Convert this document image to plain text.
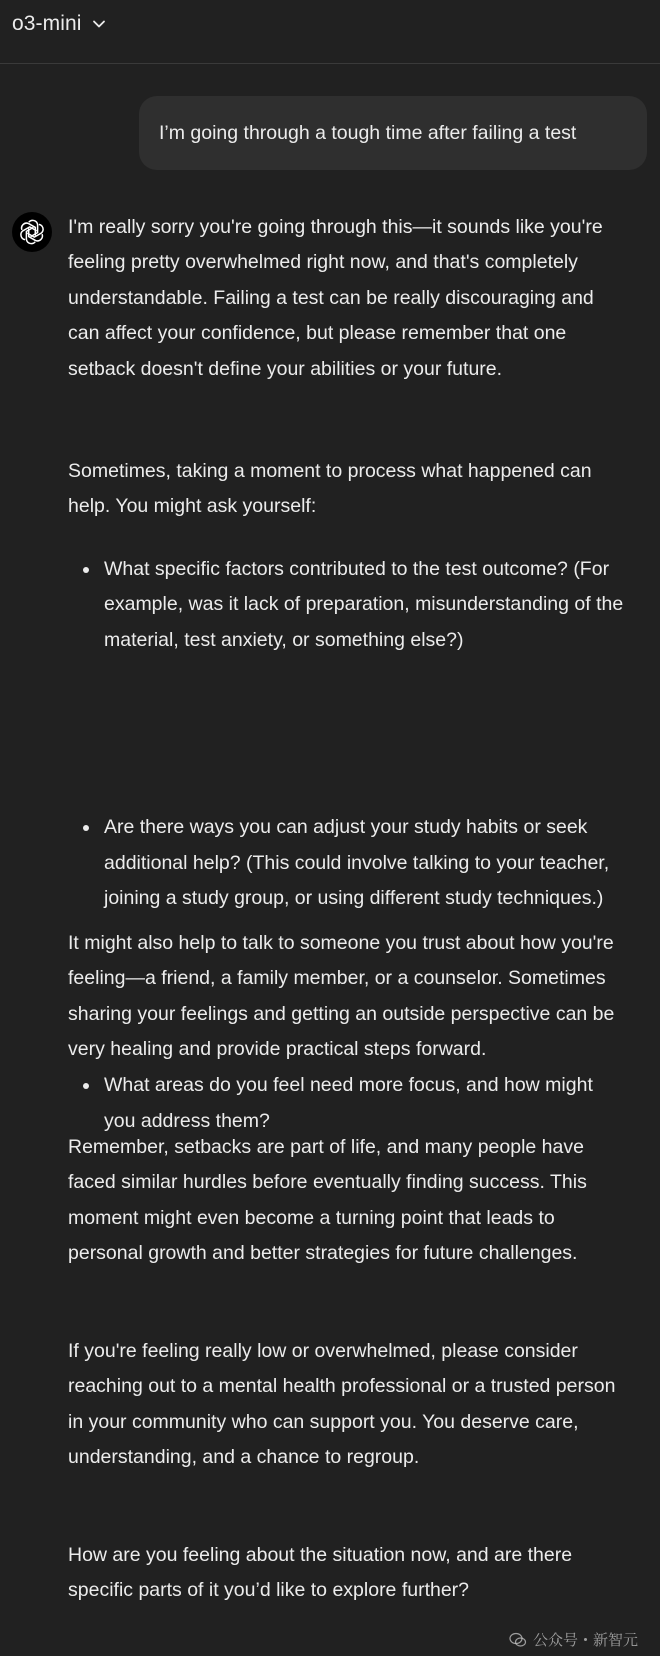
o3-mini
I’m going through a tough time after failing a test

I'm really sorry you're going through this—it sounds like you're feeling pretty overwhelmed right now, and that's completely understandable. Failing a test can be really discouraging and can affect your confidence, but please remember that one setback doesn't define your abilities or your future.

Sometimes, taking a moment to process what happened can help. You might ask yourself:

What specific factors contributed to the test outcome? (For example, was it lack of preparation, misunderstanding of the material, test anxiety, or something else?)
Are there ways you can adjust your study habits or seek additional help? (This could involve talking to your teacher, joining a study group, or using different study techniques.)
What areas do you feel need more focus, and how might you address them?

It might also help to talk to someone you trust about how you're feeling—a friend, a family member, or a counselor. Sometimes sharing your feelings and getting an outside perspective can be very healing and provide practical steps forward.

Remember, setbacks are part of life, and many people have faced similar hurdles before eventually finding success. This moment might even become a turning point that leads to personal growth and better strategies for future challenges.

If you're feeling really low or overwhelmed, please consider reaching out to a mental health professional or a trusted person in your community who can support you. You deserve care, understanding, and a chance to regroup.

How are you feeling about the situation now, and are there specific parts of it you’d like to explore further?

公众号 新智元
